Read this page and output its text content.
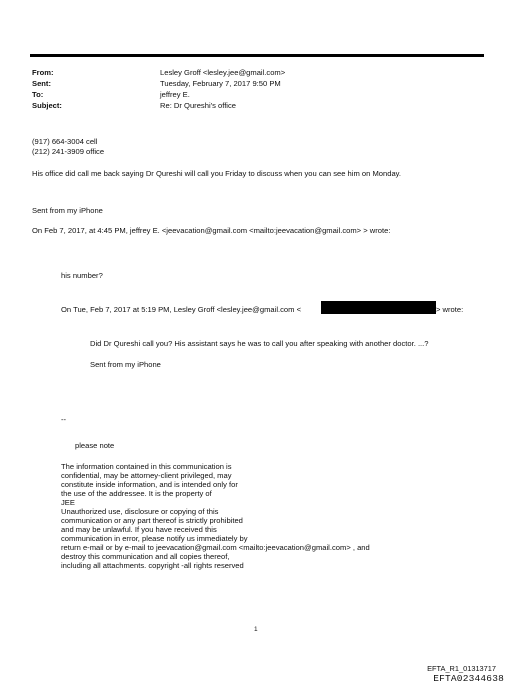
From:
Sent:
To:
Subject:
Lesley Groff <lesley.jee@gmail.com>
Tuesday, February 7, 2017 9:50 PM
jeffrey E.
Re: Dr Qureshi's office
(917) 664-3004 cell
(212) 241-3909 office
His office did call me back saying Dr Qureshi will call you Friday to discuss when you can see him on Monday.
Sent from my iPhone
On Feb 7, 2017, at 4:45 PM, jeffrey E. <jeevacation@gmail.com <mailto:jeevacation@gmail.com> > wrote:
his number?
On Tue, Feb 7, 2017 at 5:19 PM, Lesley Groff <lesley.jee@gmail.com <	> wrote:
Did Dr Qureshi call you? His assistant says he was to call you after speaking with another doctor. ...?
Sent from my iPhone
--
please note
The information contained in this communication is
confidential, may be attorney-client privileged, may
constitute inside information, and is intended only for
the use of the addressee. It is the property of
JEE
Unauthorized use, disclosure or copying of this
communication or any part thereof is strictly prohibited
and may be unlawful. If you have received this
communication in error, please notify us immediately by
return e-mail or by e-mail to jeevacation@gmail.com <mailto:jeevacation@gmail.com> , and
destroy this communication and all copies thereof,
including all attachments. copyright -all rights reserved
1
EFTA_R1_01313717
EFTA02344638
